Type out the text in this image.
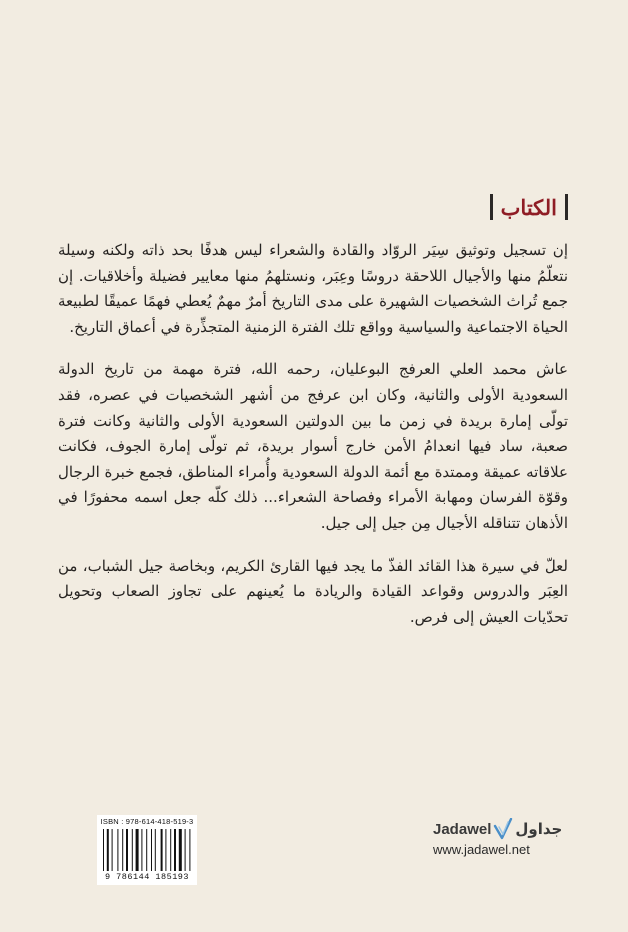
الكتاب

إن تسجيل وتوثيق سِيَر الروّاد والقادة والشعراء ليس هدفًا بحد ذاته ولكنه وسيلة نتعلّمُ منها والأجيال اللاحقة دروسًا وعِبَر، ونستلهمُ منها معايير فضيلة وأخلاقيات. إن جمع تُراث الشخصيات الشهيرة على مدى التاريخ أمرٌ مهمٌ يُعطي فهمًا عميقًا لطبيعة الحياة الاجتماعية والسياسية وواقع تلك الفترة الزمنية المتجذِّرة في أعماق التاريخ.

عاش محمد العلي العرفج البوعليان، رحمه الله، فترة مهمة من تاريخ الدولة السعودية الأولى والثانية، وكان ابن عرفج من أشهر الشخصيات في عصره، فقد تولّى إمارة بريدة في زمن ما بين الدولتين السعودية الأولى والثانية وكانت فترة صعبة، ساد فيها انعدامُ الأمن خارج أسوار بريدة، ثم تولّى إمارة الجوف، فكانت علاقاته عميقة وممتدة مع أئمة الدولة السعودية وأُمراء المناطق، فجمع خبرة الرجال وقوّة الفرسان ومهابة الأمراء وفصاحة الشعراء... ذلك كلّه جعل اسمه محفورًا في الأذهان تتناقله الأجيال مِن جيل إلى جيل.

لعلّ في سيرة هذا القائد الفذّ ما يجد فيها القارئ الكريم، وبخاصة جيل الشباب، من العِبَر والدروس وقواعد القيادة والريادة ما يُعينهم على تجاوز الصعاب وتحويل تحدّيات العيش إلى فرص.

ISBN : 978-614-418-519-3
9 786144 185193
Jadawel جداول
www.jadawel.net
